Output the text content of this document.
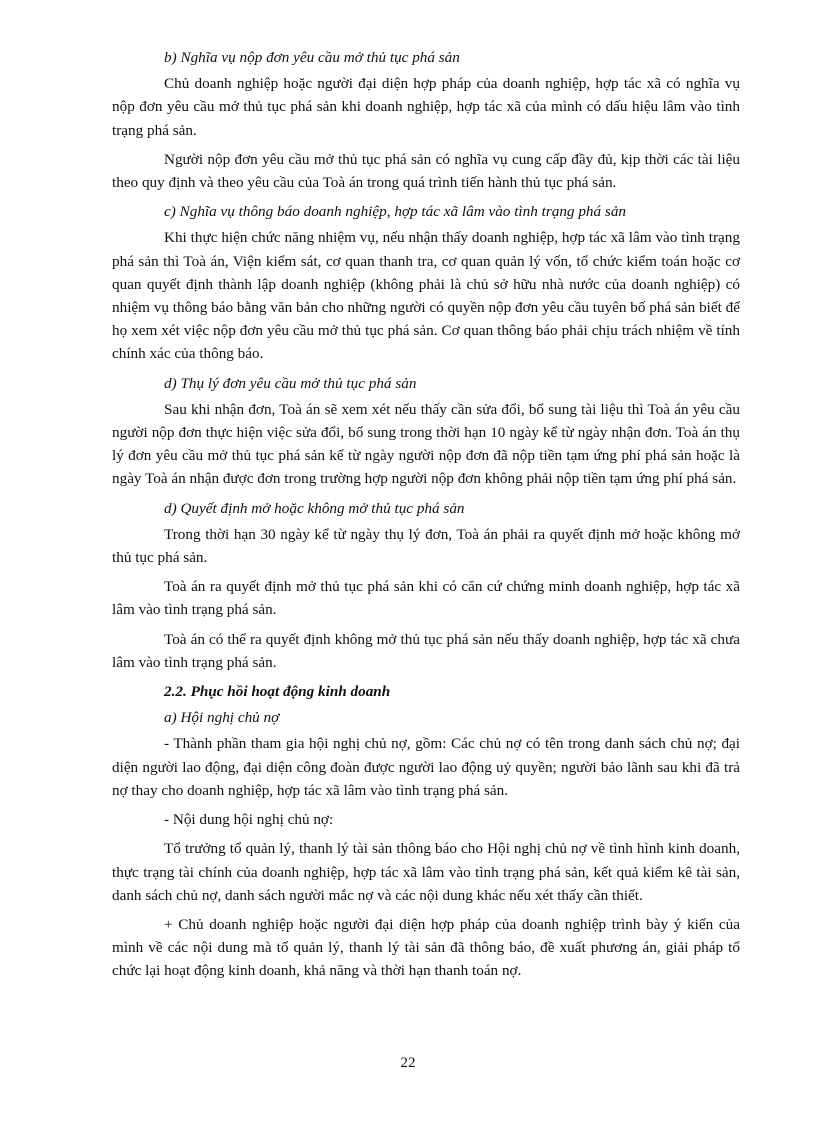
b) Nghĩa vụ nộp đơn yêu cầu mở thủ tục phá sản

Chủ doanh nghiệp hoặc người đại diện hợp pháp của doanh nghiệp, hợp tác xã có nghĩa vụ nộp đơn yêu cầu mở thủ tục phá sản khi doanh nghiệp, hợp tác xã của mình có dấu hiệu lâm vào tình trạng phá sản.

Người nộp đơn yêu cầu mở thủ tục phá sản có nghĩa vụ cung cấp đầy đủ, kịp thời các tài liệu theo quy định và theo yêu cầu của Toà án trong quá trình tiến hành thủ tục phá sản.

c) Nghĩa vụ thông báo doanh nghiệp, hợp tác xã lâm vào tình trạng phá sản

Khi thực hiện chức năng nhiệm vụ, nếu nhận thấy doanh nghiệp, hợp tác xã lâm vào tình trạng phá sản thì Toà án, Viện kiểm sát, cơ quan thanh tra, cơ quan quản lý vốn, tổ chức kiểm toán hoặc cơ quan quyết định thành lập doanh nghiệp (không phải là chủ sở hữu nhà nước của doanh nghiệp) có nhiệm vụ thông báo bằng văn bản cho những người có quyền nộp đơn yêu cầu tuyên bố phá sản biết để họ xem xét việc nộp đơn yêu cầu mở thủ tục phá sản. Cơ quan thông báo phải chịu trách nhiệm về tính chính xác của thông báo.

d) Thụ lý đơn yêu cầu mở thủ tục phá sản

Sau khi nhận đơn, Toà án sẽ xem xét nếu thấy cần sửa đổi, bổ sung tài liệu thì Toà án yêu cầu người nộp đơn thực hiện việc sửa đổi, bổ sung trong thời hạn 10 ngày kể từ ngày nhận đơn. Toà án thụ lý đơn yêu cầu mở thủ tục phá sản kể từ ngày người nộp đơn đã nộp tiền tạm ứng phí phá sản hoặc là ngày Toà án nhận được đơn trong trường hợp người nộp đơn không phải nộp tiền tạm ứng phí phá sản.

d) Quyết định mở hoặc không mở thủ tục phá sản

Trong thời hạn 30 ngày kể từ ngày thụ lý đơn, Toà án phải ra quyết định mở hoặc không mở thủ tục phá sản.

Toà án ra quyết định mở thủ tục phá sản khi có căn cứ chứng minh doanh nghiệp, hợp tác xã lâm vào tình trạng phá sản.

Toà án có thể ra quyết định không mở thủ tục phá sản nếu thấy doanh nghiệp, hợp tác xã chưa lâm vào tình trạng phá sản.

2.2. Phục hồi hoạt động kinh doanh
a) Hội nghị chủ nợ

- Thành phần tham gia hội nghị chủ nợ, gồm: Các chủ nợ có tên trong danh sách chủ nợ; đại diện người lao động, đại diện công đoàn được người lao động uỷ quyền; người bảo lãnh sau khi đã trả nợ thay cho doanh nghiệp, hợp tác xã lâm vào tình trạng phá sản.

- Nội dung hội nghị chủ nợ:

Tổ trưởng tổ quản lý, thanh lý tài sản thông báo cho Hội nghị chủ nợ về tình hình kinh doanh, thực trạng tài chính của doanh nghiệp, hợp tác xã lâm vào tình trạng phá sản, kết quả kiểm kê tài sản, danh sách chủ nợ, danh sách người mắc nợ và các nội dung khác nếu xét thấy cần thiết.

+ Chủ doanh nghiệp hoặc người đại diện hợp pháp của doanh nghiệp trình bày ý kiến của mình về các nội dung mà tổ quản lý, thanh lý tài sản đã thông báo, đề xuất phương án, giải pháp tổ chức lại hoạt động kinh doanh, khả năng và thời hạn thanh toán nợ.

22
